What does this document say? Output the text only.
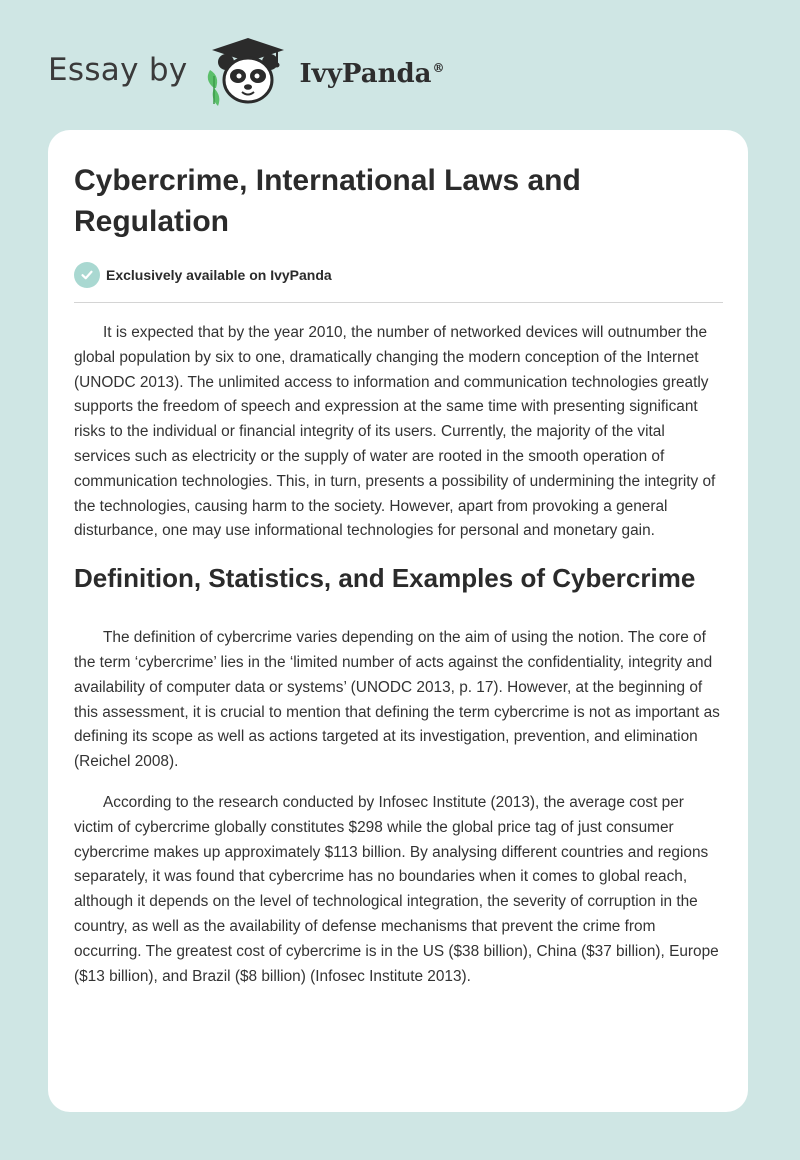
Essay by	IvyPanda®
Cybercrime, International Laws and Regulation
Exclusively available on IvyPanda

It is expected that by the year 2010, the number of networked devices will outnumber the global population by six to one, dramatically changing the modern conception of the Internet (UNODC 2013). The unlimited access to information and communication technologies greatly supports the freedom of speech and expression at the same time with presenting significant risks to the individual or financial integrity of its users. Currently, the majority of the vital services such as electricity or the supply of water are rooted in the smooth operation of communication technologies. This, in turn, presents a possibility of undermining the integrity of the technologies, causing harm to the society. However, apart from provoking a general disturbance, one may use informational technologies for personal and monetary gain.

Definition, Statistics, and Examples of Cybercrime

The definition of cybercrime varies depending on the aim of using the notion. The core of the term ‘cybercrime’ lies in the ‘limited number of acts against the confidentiality, integrity and availability of computer data or systems’ (UNODC 2013, p. 17). However, at the beginning of this assessment, it is crucial to mention that defining the term cybercrime is not as important as defining its scope as well as actions targeted at its investigation, prevention, and elimination (Reichel 2008).

According to the research conducted by Infosec Institute (2013), the average cost per victim of cybercrime globally constitutes $298 while the global price tag of just consumer cybercrime makes up approximately $113 billion. By analysing different countries and regions separately, it was found that cybercrime has no boundaries when it comes to global reach, although it depends on the level of technological integration, the severity of corruption in the country, as well as the availability of defense mechanisms that prevent the crime from occurring. The greatest cost of cybercrime is in the US ($38 billion), China ($37 billion), Europe ($13 billion), and Brazil ($8 billion) (Infosec Institute 2013).
